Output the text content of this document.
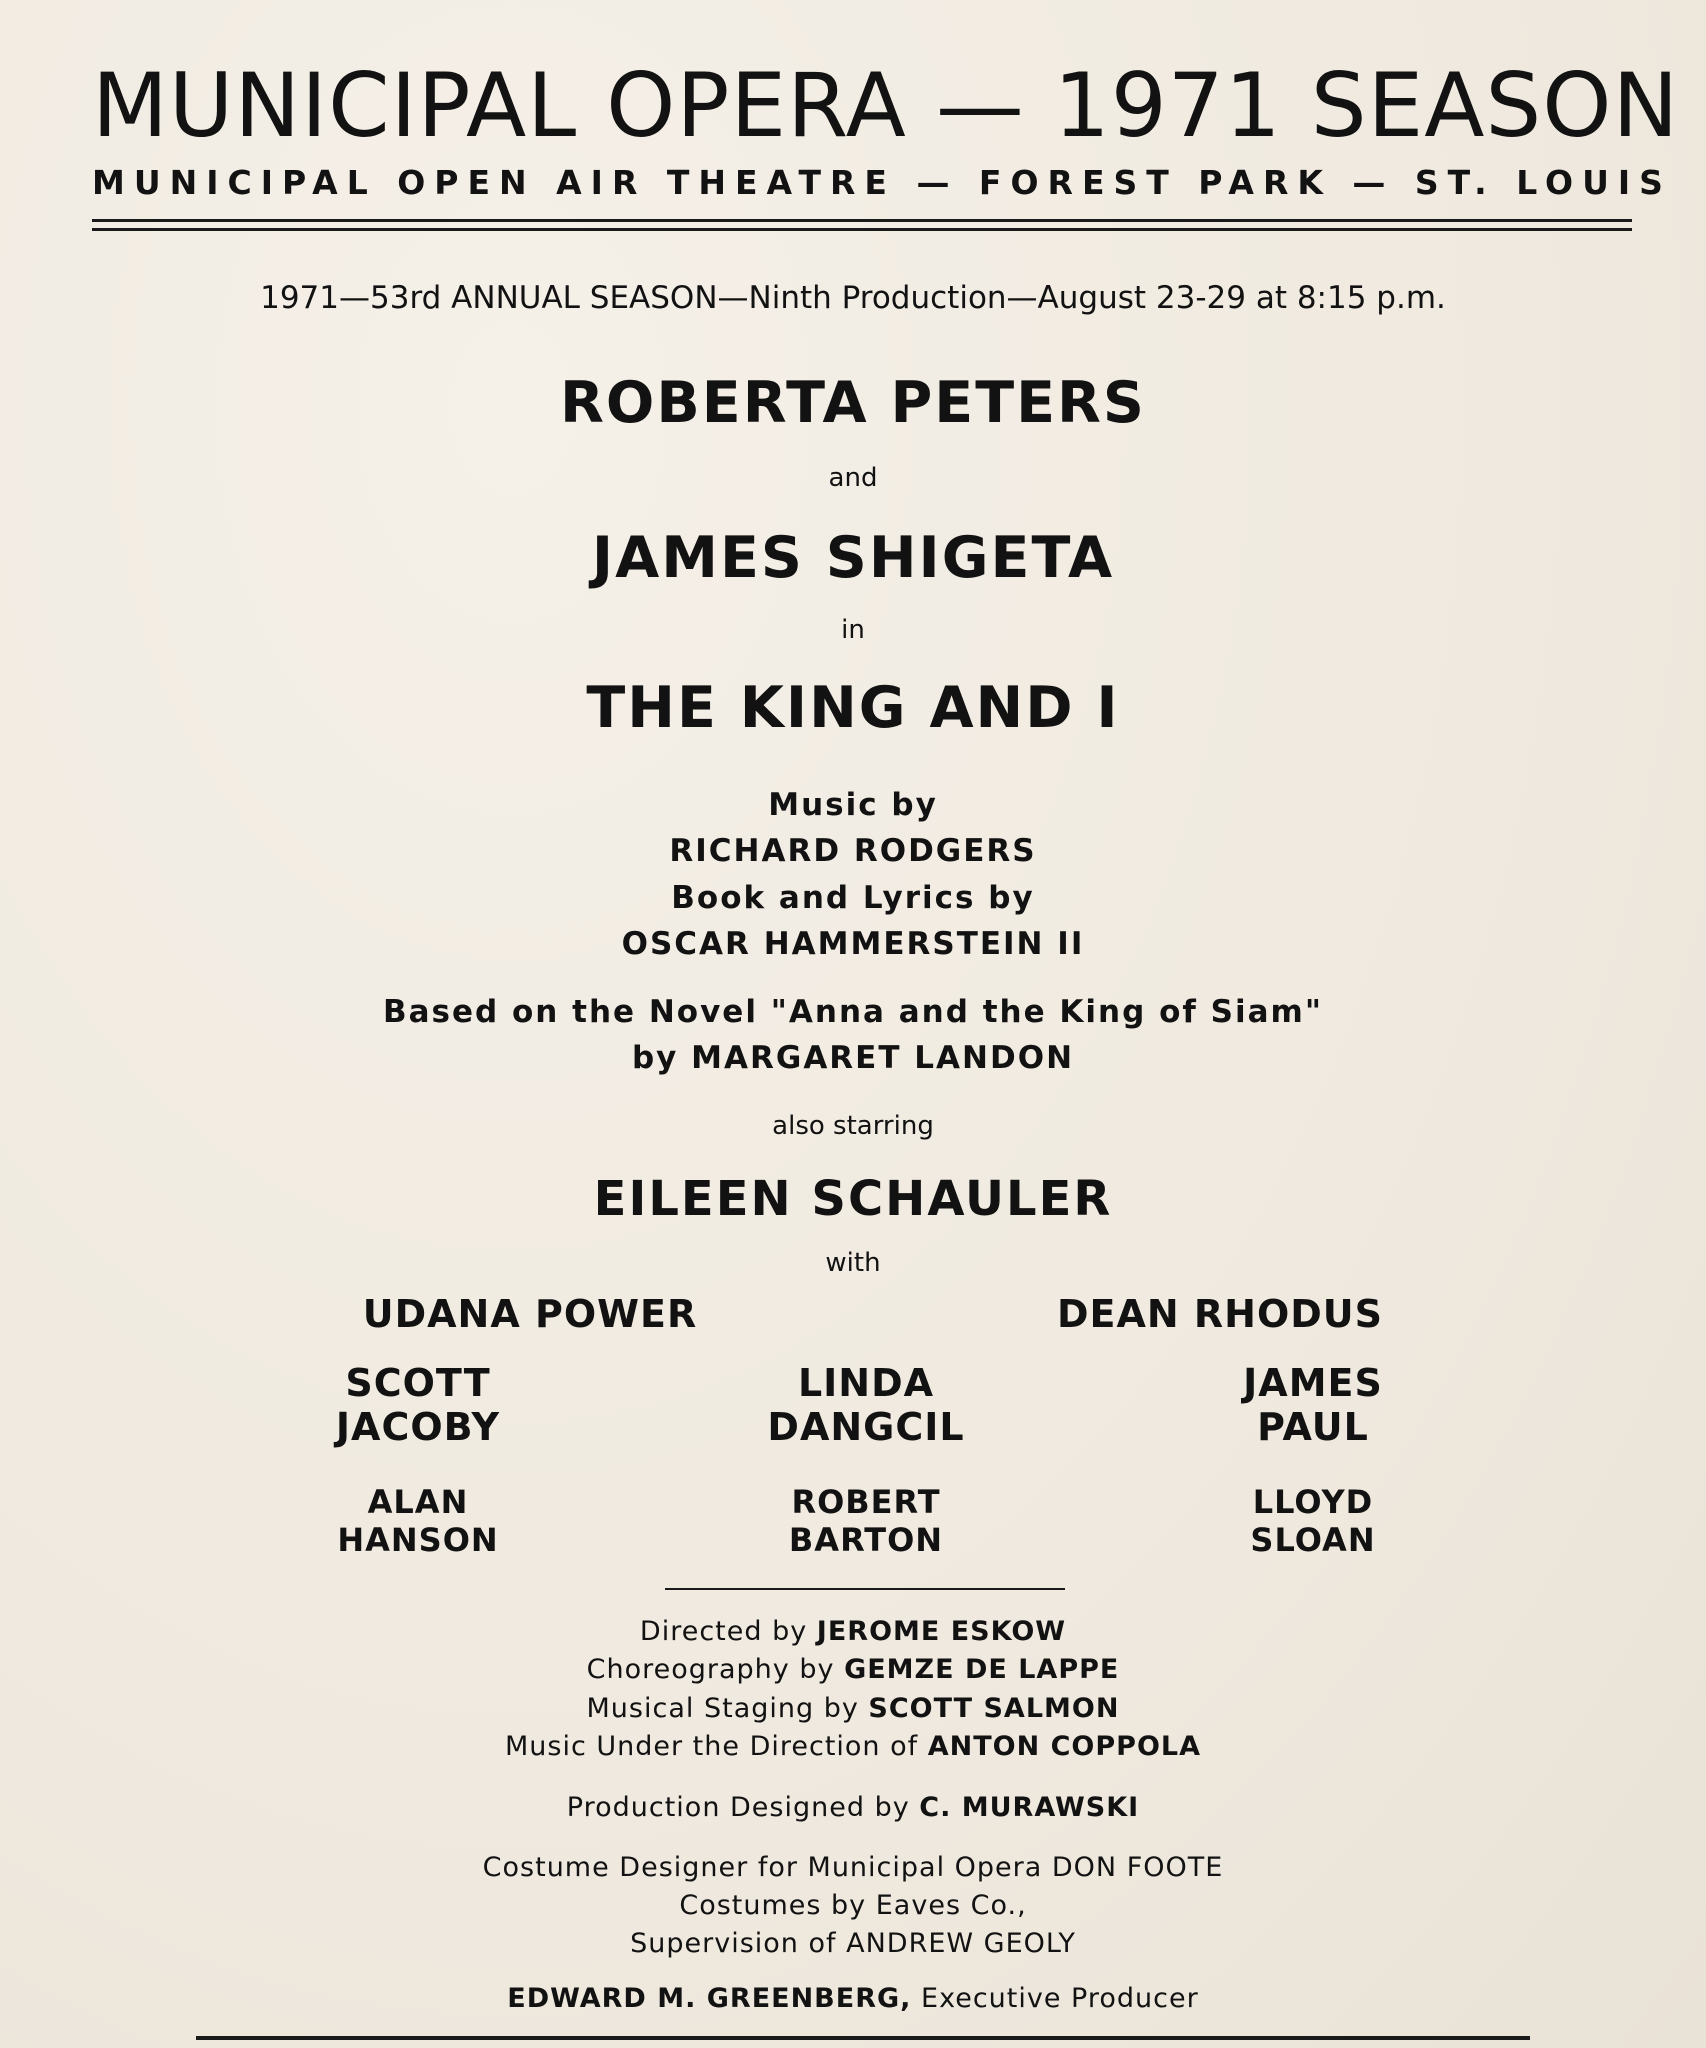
MUNICIPAL OPERA — 1971 SEASON
MUNICIPAL OPEN AIR THEATRE — FOREST PARK — ST. LOUIS
1971—53rd ANNUAL SEASON—Ninth Production—August 23-29 at 8:15 p.m.
ROBERTA PETERS
and
JAMES SHIGETA
in
THE KING AND I
Music by
RICHARD RODGERS
Book and Lyrics by
OSCAR HAMMERSTEIN II
Based on the Novel "Anna and the King of Siam"
by MARGARET LANDON
also starring
EILEEN SCHAULER
with
UDANA POWER	DEAN RHODUS
SCOTT
JACOBY
LINDA
DANGCIL
JAMES
PAUL
ALAN
HANSON
ROBERT
BARTON
LLOYD
SLOAN
Directed by JEROME ESKOW
Choreography by GEMZE DE LAPPE
Musical Staging by SCOTT SALMON
Music Under the Direction of ANTON COPPOLA
Production Designed by C. MURAWSKI
Costume Designer for Municipal Opera DON FOOTE
Costumes by Eaves Co.,
Supervision of ANDREW GEOLY
EDWARD M. GREENBERG, Executive Producer
